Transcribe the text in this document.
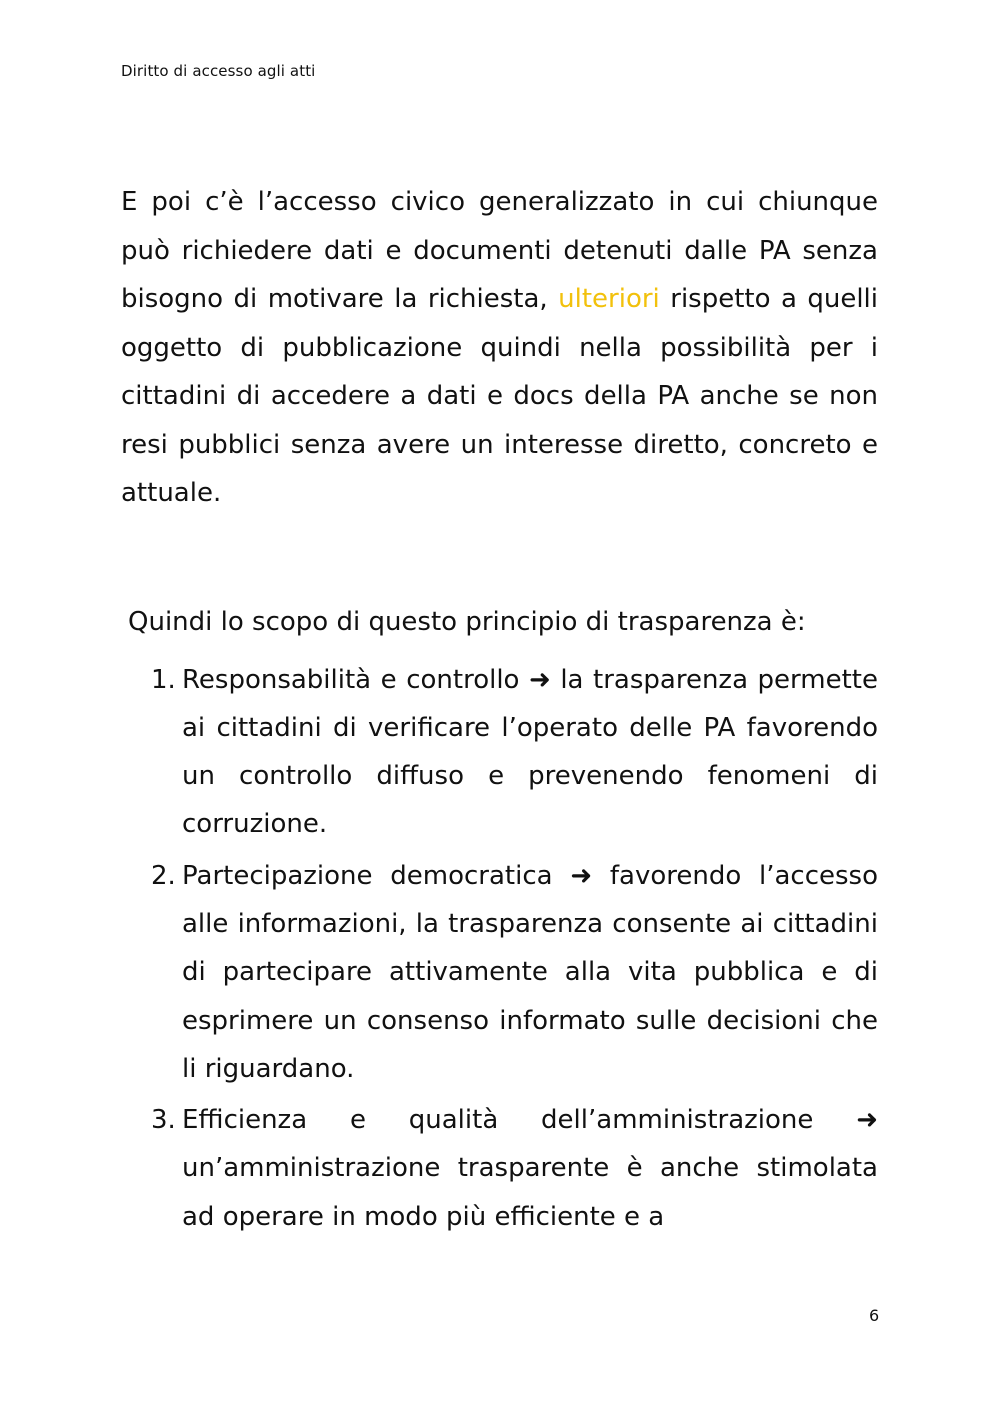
Diritto di accesso agli atti

E poi c’è l’accesso civico generalizzato in cui chiunque può richiedere dati e documenti detenuti dalle PA senza bisogno di motivare la richiesta, ulteriori rispetto a quelli oggetto di pubblicazione quindi nella possibilità per i cittadini di accedere a dati e docs della PA anche se non resi pubblici senza avere un interesse diretto, concreto e attuale.

Quindi lo scopo di questo principio di trasparenza è:
1. Responsabilità e controllo ➜ la trasparenza permette ai cittadini di verificare l’operato delle PA favorendo un controllo diffuso e prevenendo fenomeni di corruzione.
2. Partecipazione democratica ➜ favorendo l’accesso alle informazioni, la trasparenza consente ai cittadini di partecipare attivamente alla vita pubblica e di esprimere un consenso informato sulle decisioni che li riguardano.
3. Efficienza e qualità dell’amministrazione ➜ un’amministrazione trasparente è anche stimolata ad operare in modo più efficiente e a
6
